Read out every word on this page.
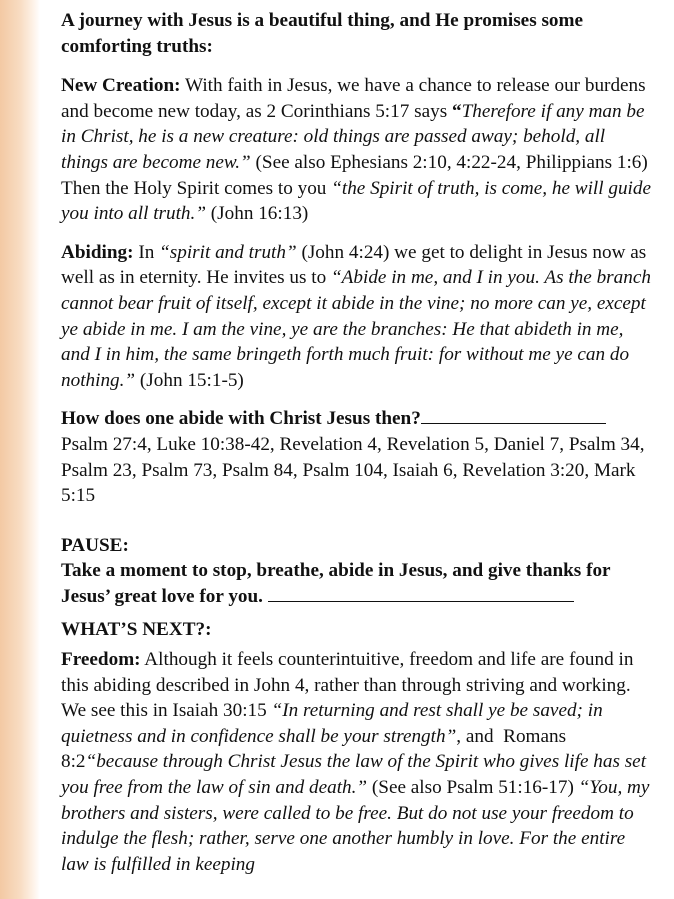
A journey with Jesus is a beautiful thing, and He promises some comforting truths:

New Creation: With faith in Jesus, we have a chance to release our burdens and become new today, as 2 Corinthians 5:17 says “Therefore if any man be in Christ, he is a new creature: old things are passed away; behold, all things are become new.” (See also Ephesians 2:10, 4:22-24, Philippians 1:6) Then the Holy Spirit comes to you “the Spirit of truth, is come, he will guide you into all truth.” (John 16:13)

Abiding: In “spirit and truth” (John 4:24) we get to delight in Jesus now as well as in eternity. He invites us to “Abide in me, and I in you. As the branch cannot bear fruit of itself, except it abide in the vine; no more can ye, except ye abide in me. I am the vine, ye are the branches: He that abideth in me, and I in him, the same bringeth forth much fruit: for without me ye can do nothing.” (John 15:1-5)

How does one abide with Christ Jesus then?

Psalm 27:4, Luke 10:38-42, Revelation 4, Revelation 5, Daniel 7, Psalm 34, Psalm 23, Psalm 73, Psalm 84, Psalm 104, Isaiah 6, Revelation 3:20, Mark 5:15

PAUSE:

Take a moment to stop, breathe, abide in Jesus, and give thanks for Jesus’ great love for you.

WHAT’S NEXT?:

Freedom: Although it feels counterintuitive, freedom and life are found in this abiding described in John 4, rather than through striving and working. We see this in Isaiah 30:15 “In returning and rest shall ye be saved; in quietness and in confidence shall be your strength”, and  Romans 8:2“because through Christ Jesus the law of the Spirit who gives life has set you free from the law of sin and death.” (See also Psalm 51:16-17) “You, my brothers and sisters, were called to be free. But do not use your freedom to indulge the flesh; rather, serve one another humbly in love. For the entire law is fulfilled in keeping
